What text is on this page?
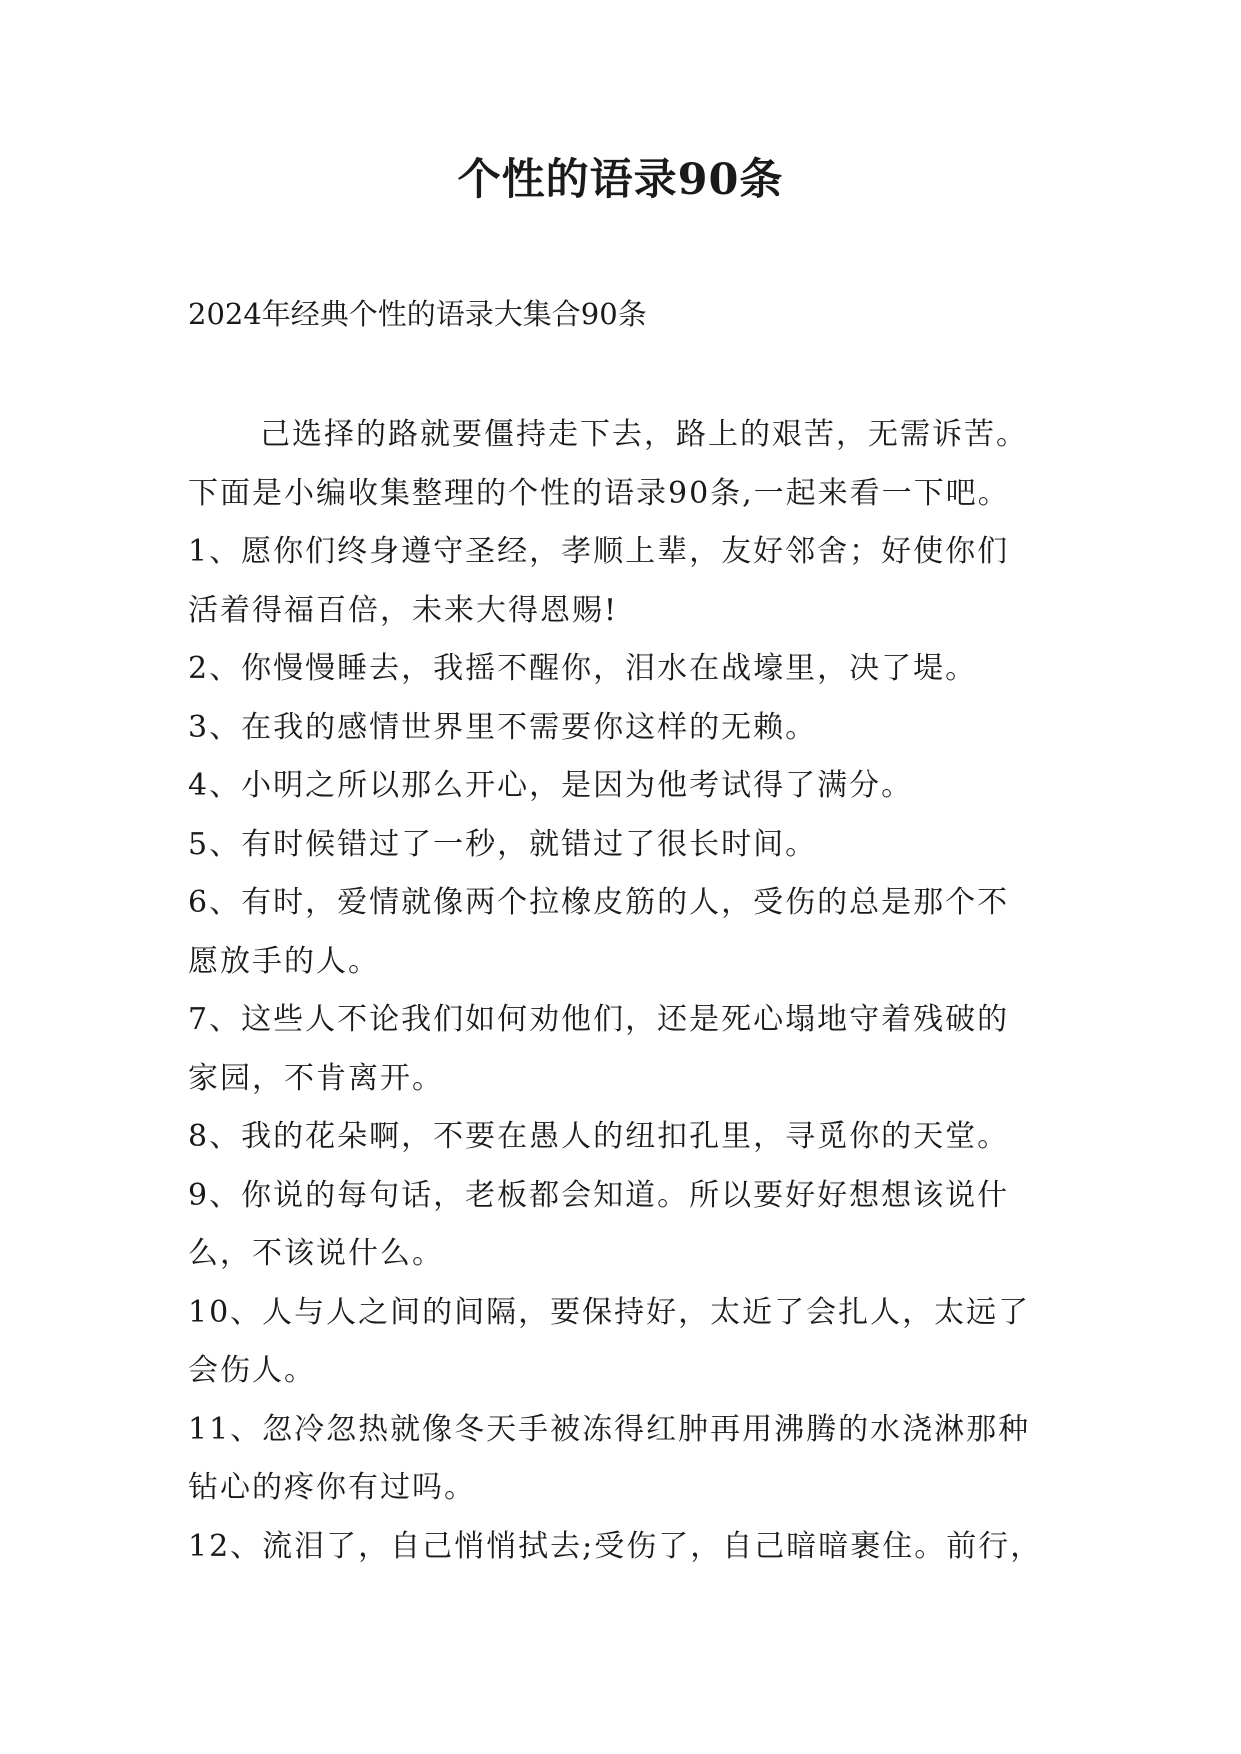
个性的语录90条
2024年经典个性的语录大集合90条
己选择的路就要僵持走下去，路上的艰苦，无需诉苦。
下面是小编收集整理的个性的语录90条,一起来看一下吧。
1、愿你们终身遵守圣经，孝顺上辈，友好邻舍；好使你们
活着得福百倍，未来大得恩赐!
2、你慢慢睡去，我摇不醒你，泪水在战壕里，决了堤。
3、在我的感情世界里不需要你这样的无赖。
4、小明之所以那么开心，是因为他考试得了满分。
5、有时候错过了一秒，就错过了很长时间。
6、有时，爱情就像两个拉橡皮筋的人，受伤的总是那个不
愿放手的人。
7、这些人不论我们如何劝他们，还是死心塌地守着残破的
家园，不肯离开。
8、我的花朵啊，不要在愚人的纽扣孔里，寻觅你的天堂。
9、你说的每句话，老板都会知道。所以要好好想想该说什
么，不该说什么。
10、人与人之间的间隔，要保持好，太近了会扎人，太远了
会伤人。
11、忽冷忽热就像冬天手被冻得红肿再用沸腾的水浇淋那种
钻心的疼你有过吗。
12、流泪了，自己悄悄拭去;受伤了，自己暗暗裹住。前行，
